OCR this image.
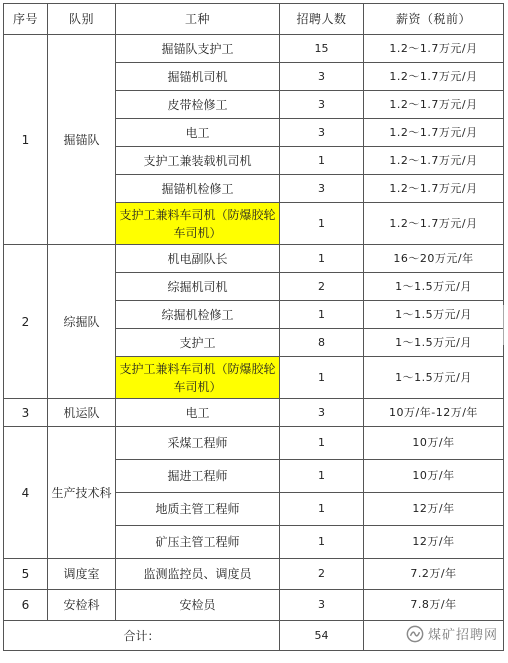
序号	队别	工种	招聘人数	薪资（税前）
1	掘锚队	掘锚队支护工	15	1.2～1.7万元/月
		掘锚机司机	3	1.2～1.7万元/月
		皮带检修工	3	1.2～1.7万元/月
		电工	3	1.2～1.7万元/月
		支护工兼装载机司机	1	1.2～1.7万元/月
		掘锚机检修工	3	1.2～1.7万元/月
		支护工兼料车司机（防爆胶轮车司机）	1	1.2～1.7万元/月
2	综掘队	机电副队长	1	16～20万元/年
		综掘机司机	2	1～1.5万元/月
		综掘机检修工	1	1～1.5万元/月
		支护工	8	1～1.5万元/月
		支护工兼料车司机（防爆胶轮车司机）	1	1～1.5万元/月
3	机运队	电工	3	10万/年-12万/年
4	生产技术科	采煤工程师	1	10万/年
		掘进工程师	1	10万/年
		地质主管工程师	1	12万/年
		矿压主管工程师	1	12万/年
5	调度室	监测监控员、调度员	2	7.2万/年
6	安检科	安检员	3	7.8万/年
合计：			54		煤矿招聘网
